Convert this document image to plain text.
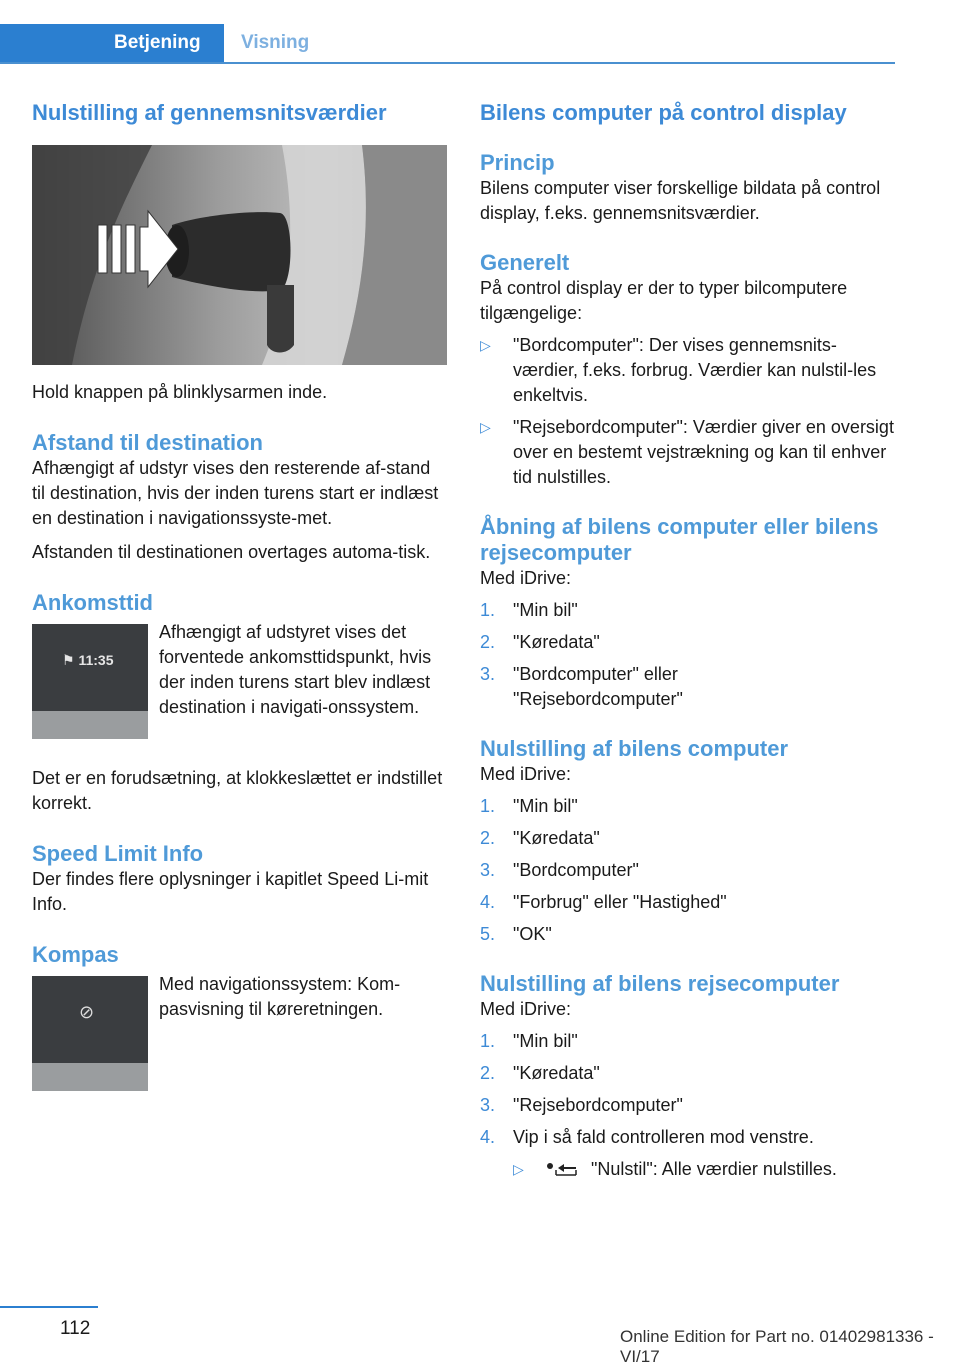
Betjening Visning
Nulstilling af gennemsnitsværdier

Hold knappen på blinklysarmen inde.

Afstand til destination

Afhængigt af udstyr vises den resterende af-stand til destination, hvis der inden turens start er indlæst en destination i navigationssyste-met.

Afstanden til destinationen overtages automa-tisk.

Ankomsttid
⚑ 11:35

Afhængigt af udstyret vises det forventede ankomsttidspunkt, hvis der inden turens start blev indlæst destination i navigati-onssystem.

Det er en forudsætning, at klokkeslættet er indstillet korrekt.

Speed Limit Info

Der findes flere oplysninger i kapitlet Speed Li-mit Info.

Kompas
⊘

Med navigationssystem: Kom-pasvisning til køreretningen.

Bilens computer på control display
Princip

Bilens computer viser forskellige bildata på control display, f.eks. gennemsnitsværdier.

Generelt

På control display er der to typer bilcomputere tilgængelige:

▷ "Bordcomputer": Der vises gennemsnits-værdier, f.eks. forbrug. Værdier kan nulstil-les enkeltvis.
▷ "Rejsebordcomputer": Værdier giver en oversigt over en bestemt vejstrækning og kan til enhver tid nulstilles.
Åbning af bilens computer eller bilens rejsecomputer

Med iDrive:

1. "Min bil"
2. "Køredata"
3. "Bordcomputer" eller "Rejsebordcomputer"
Nulstilling af bilens computer

Med iDrive:

1. "Min bil"
2. "Køredata"
3. "Bordcomputer"
4. "Forbrug" eller "Hastighed"
5. "OK"
Nulstilling af bilens rejsecomputer

Med iDrive:

1. "Min bil"
2. "Køredata"
3. "Rejsebordcomputer"
4. Vip i så fald controlleren mod venstre.
▷	"Nulstil": Alle værdier nulstilles.
112	Online Edition for Part no. 01402981336 - VI/17
